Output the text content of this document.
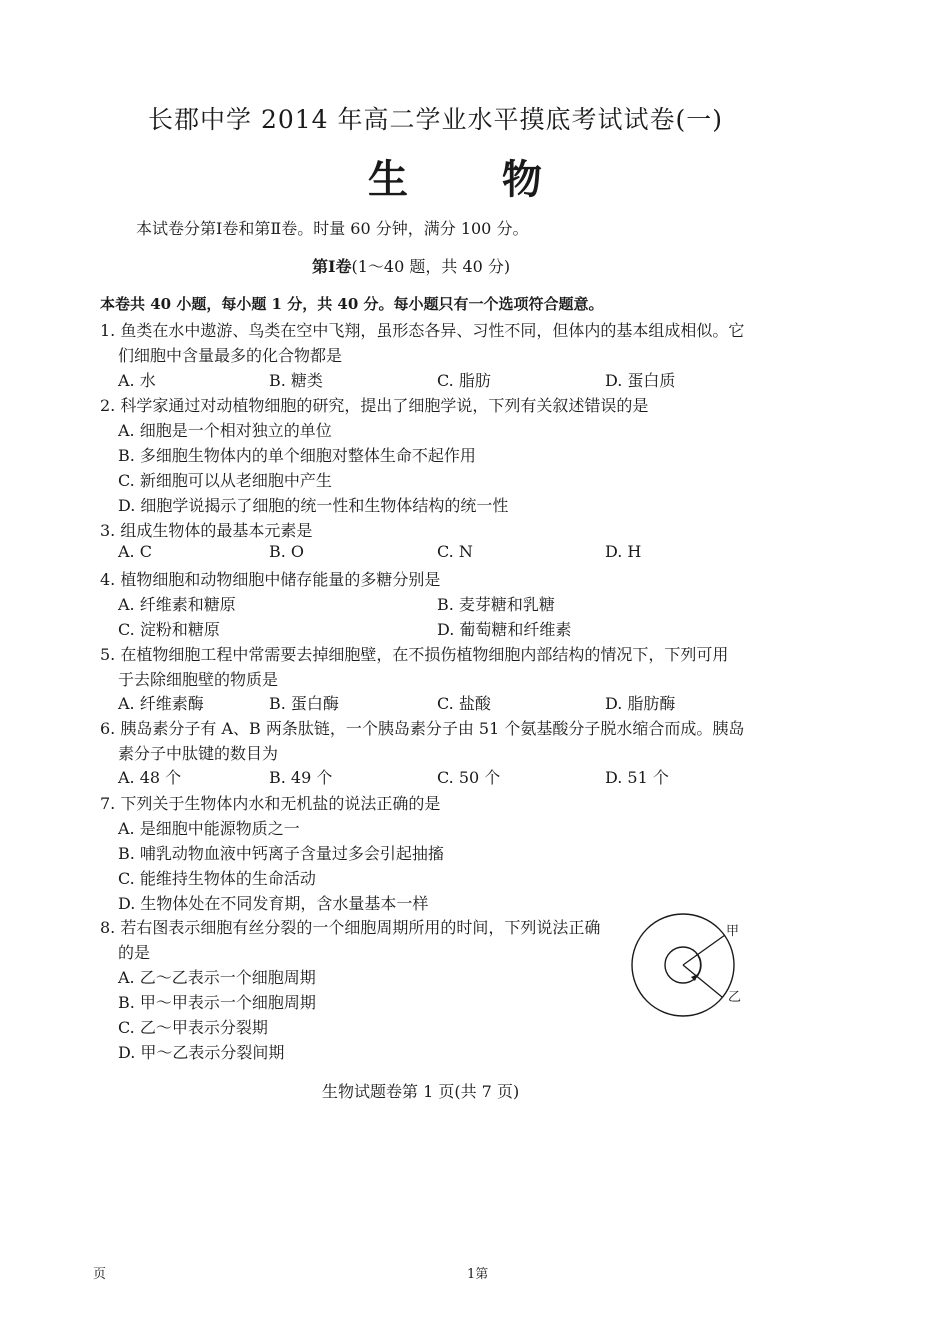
长郡中学 2014 年高二学业水平摸底考试试卷(一)
生 物
本试卷分第Ⅰ卷和第Ⅱ卷。时量 60 分钟，满分 100 分。
第Ⅰ卷(1～40 题，共 40 分)
本卷共 40 小题，每小题 1 分，共 40 分。每小题只有一个选项符合题意。
1. 鱼类在水中遨游、鸟类在空中飞翔，虽形态各异、习性不同，但体内的基本组成相似。它
们细胞中含量最多的化合物都是
A. 水	B. 糖类	C. 脂肪	D. 蛋白质
2. 科学家通过对动植物细胞的研究，提出了细胞学说，下列有关叙述错误的是
A. 细胞是一个相对独立的单位
B. 多细胞生物体内的单个细胞对整体生命不起作用
C. 新细胞可以从老细胞中产生
D. 细胞学说揭示了细胞的统一性和生物体结构的统一性
3. 组成生物体的最基本元素是
A. C	B. O	C. N	D. H
4. 植物细胞和动物细胞中储存能量的多糖分别是
A. 纤维素和糖原	B. 麦芽糖和乳糖
C. 淀粉和糖原	D. 葡萄糖和纤维素
5. 在植物细胞工程中常需要去掉细胞壁，在不损伤植物细胞内部结构的情况下，下列可用
于去除细胞壁的物质是
A. 纤维素酶	B. 蛋白酶	C. 盐酸	D. 脂肪酶
6. 胰岛素分子有 A、B 两条肽链，一个胰岛素分子由 51 个氨基酸分子脱水缩合而成。胰岛
素分子中肽键的数目为
A. 48 个	B. 49 个	C. 50 个	D. 51 个
7. 下列关于生物体内水和无机盐的说法正确的是
A. 是细胞中能源物质之一
B. 哺乳动物血液中钙离子含量过多会引起抽搐
C. 能维持生物体的生命活动
D. 生物体处在不同发育期，含水量基本一样
8. 若右图表示细胞有丝分裂的一个细胞周期所用的时间，下列说法正确
的是
A. 乙～乙表示一个细胞周期
B. 甲～甲表示一个细胞周期
C. 乙～甲表示分裂期
D. 甲～乙表示分裂间期
甲
乙
生物试题卷第 1 页(共 7 页)
页	1第
